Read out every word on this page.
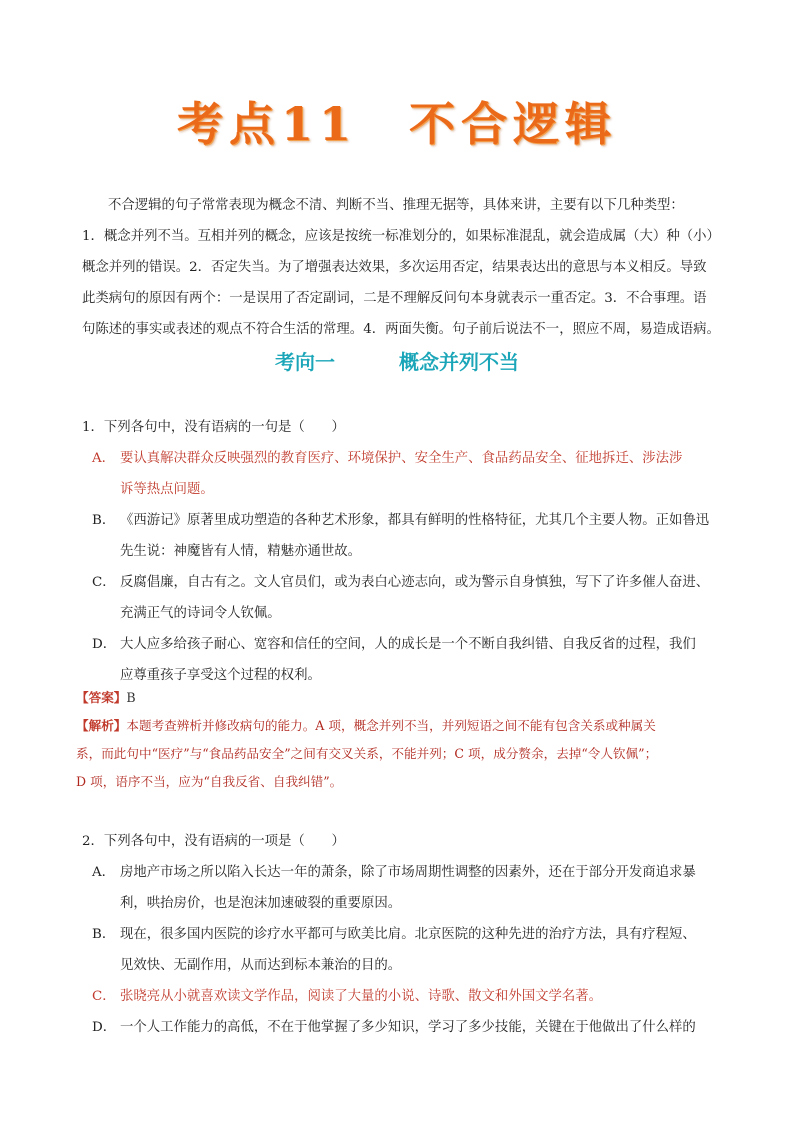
考点11　不合逻辑

不合逻辑的句子常常表现为概念不清、判断不当、推理无据等，具体来讲，主要有以下几种类型：

1．概念并列不当。互相并列的概念，应该是按统一标准划分的，如果标准混乱，就会造成属（大）种（小）

概念并列的错误。2．否定失当。为了增强表达效果，多次运用否定，结果表达出的意思与本义相反。导致

此类病句的原因有两个：一是误用了否定副词，二是不理解反问句本身就表示一重否定。3．不合事理。语

句陈述的事实或表述的观点不符合生活的常理。4．两面失衡。句子前后说法不一，照应不周，易造成语病。

考向一	概念并列不当

1．下列各句中，没有语病的一句是（　　）

A． 要认真解决群众反映强烈的教育医疗、环境保护、安全生产、食品药品安全、征地拆迁、涉法涉
诉等热点问题。

B． 《西游记》原著里成功塑造的各种艺术形象，都具有鲜明的性格特征，尤其几个主要人物。正如鲁迅
先生说：神魔皆有人情，精魅亦通世故。

C． 反腐倡廉，自古有之。文人官员们，或为表白心迹志向，或为警示自身慎独，写下了许多催人奋进、
充满正气的诗词令人钦佩。

D． 大人应多给孩子耐心、宽容和信任的空间，人的成长是一个不断自我纠错、自我反省的过程，我们
应尊重孩子享受这个过程的权利。

【答案】B

【解析】本题考查辨析并修改病句的能力。A 项，概念并列不当，并列短语之间不能有包含关系或种属关

系，而此句中“医疗”与“食品药品安全”之间有交叉关系，不能并列；C 项，成分赘余，去掉“令人钦佩”；

D 项，语序不当，应为“自我反省、自我纠错”。

2．下列各句中，没有语病的一项是（　　）

A． 房地产市场之所以陷入长达一年的萧条，除了市场周期性调整的因素外，还在于部分开发商追求暴
利，哄抬房价，也是泡沫加速破裂的重要原因。

B． 现在，很多国内医院的诊疗水平都可与欧美比肩。北京医院的这种先进的治疗方法，具有疗程短、
见效快、无副作用，从而达到标本兼治的目的。

C． 张晓亮从小就喜欢读文学作品，阅读了大量的小说、诗歌、散文和外国文学名著。

D． 一个人工作能力的高低，不在于他掌握了多少知识，学习了多少技能，关键在于他做出了什么样的
